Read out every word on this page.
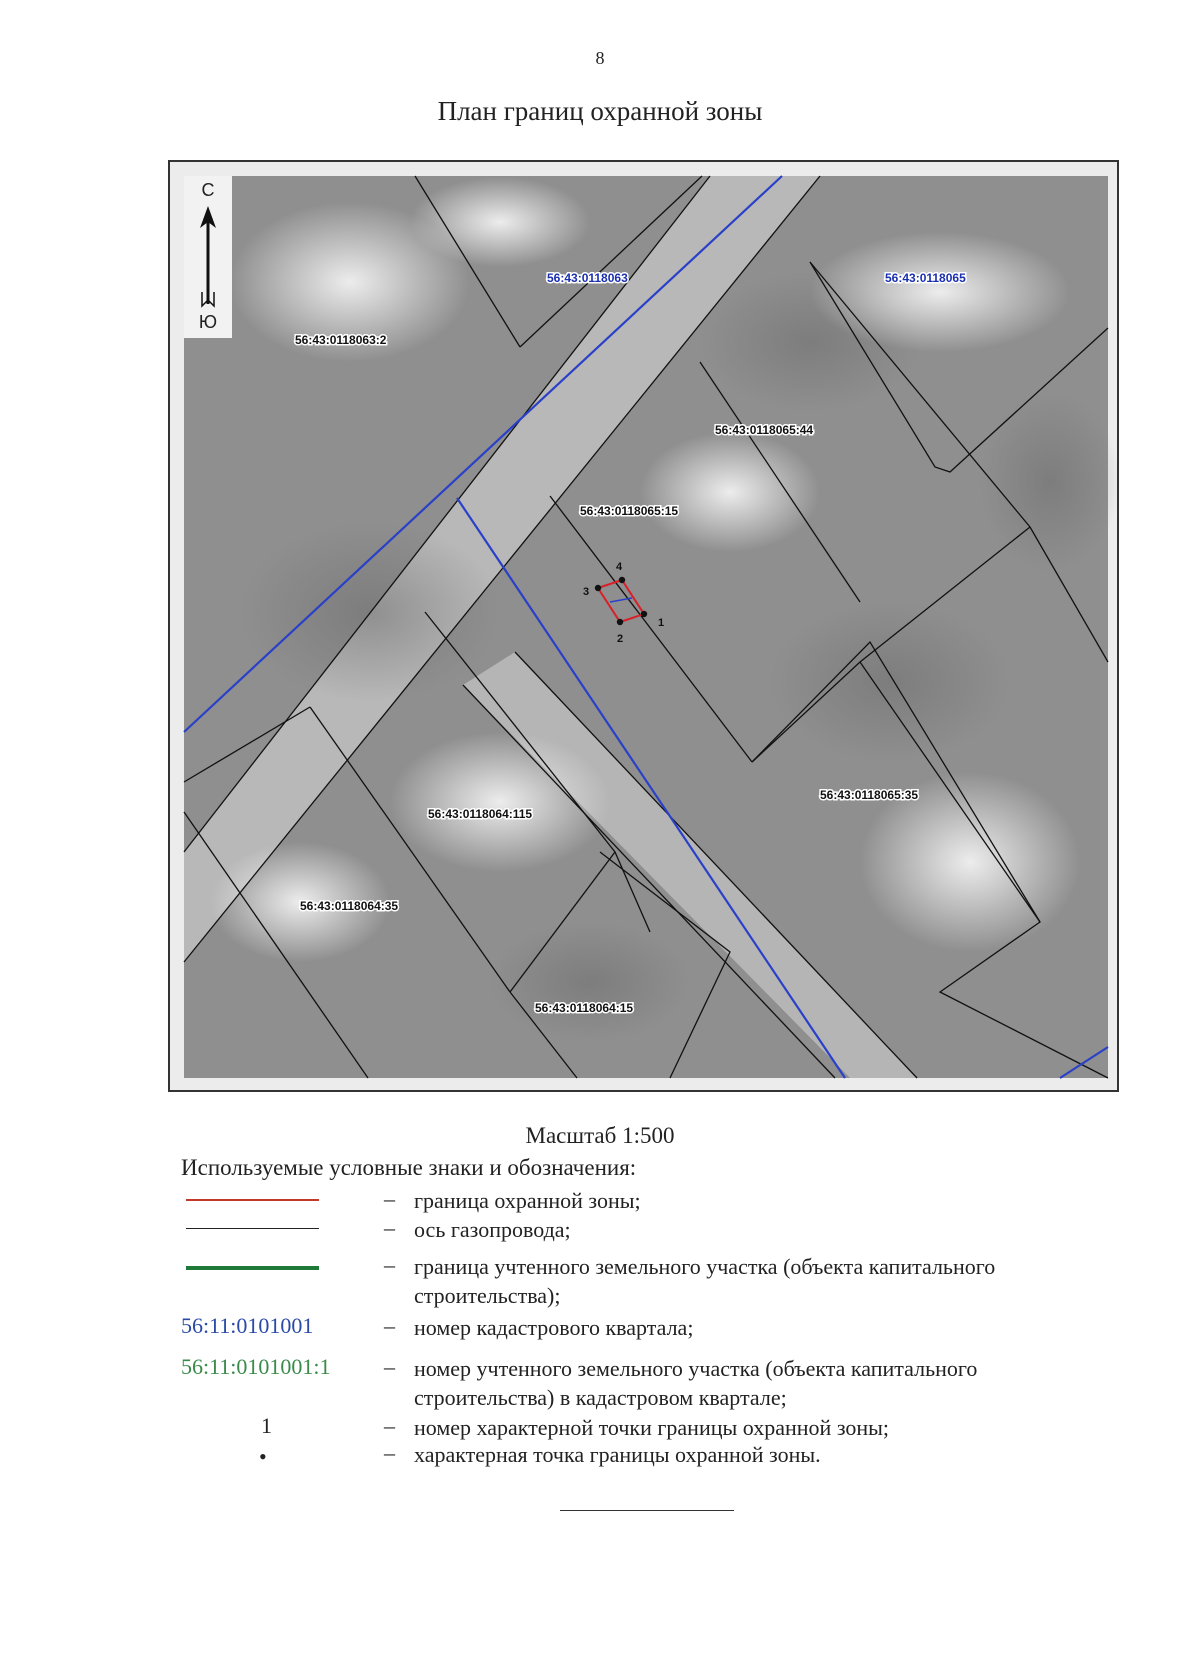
8
План границ охранной зоны
1
2
3
4
56:43:0118063	56:43:0118065
56:43:0118063:2
56:43:0118065:44
56:43:0118065:15
56:43:0118065:35
56:43:0118064:115
56:43:0118064:35
56:43:0118064:15
С
Ю
Масштаб 1:500
Используемые условные знаки и обозначения:
– граница охранной зоны;
– ось газопровода;
– граница учтенного земельного участка (объекта капитального строительства);
56:11:0101001	– номер кадастрового квартала;
56:11:0101001:1 – номер учтенного земельного участка (объекта капитального строительства) в кадастровом квартале;
1	– номер характерной точки границы охранной зоны;
•	– характерная точка границы охранной зоны.
